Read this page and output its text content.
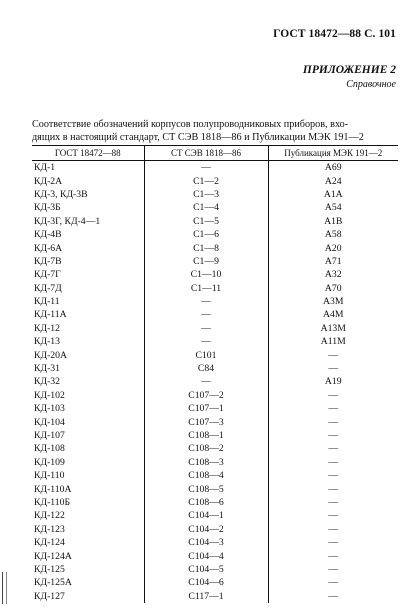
ГОСТ 18472—88 С. 101
ПРИЛОЖЕНИЕ 2
Справочное
Соответствие обозначений корпусов полупроводниковых приборов, вхо-
дящих в настоящий стандарт, СТ СЭВ 1818—86 и Публикации МЭК 191—2
ГОСТ 18472—88	СТ СЭВ 1818—86	Публикация МЭК 191—2
КД-1	—	А69
КД-2А	С1—2	А24
КД-3, КД-3В	С1—3	А1А
КД-3Б	С1—4	А54
КД-3Г, КД-4—1	С1—5	А1В
КД-4В	С1—6	А58
КД-6А	С1—8	А20
КД-7В	С1—9	А71
КД-7Г	С1—10	А32
КД-7Д	С1—11	А70
КД-11	—	А3М
КД-11А	—	А4М
КД-12	—	А13М
КД-13	—	А11М
КД-20А	С101	—
КД-31	С84	—
КД-32	—	А19
КД-102	С107—2	—
КД-103	С107—1	—
КД-104	С107—3	—
КД-107	С108—1	—
КД-108	С108—2	—
КД-109	С108—3	—
КД-110	С108—4	—
КД-110А	С108—5	—
КД-110Б	С108—6	—
КД-122	С104—1	—
КД-123	С104—2	—
КД-124	С104—3	—
КД-124А	С104—4	—
КД-125	С104—5	—
КД-125А	С104—6	—
КД-127	С117—1	—
